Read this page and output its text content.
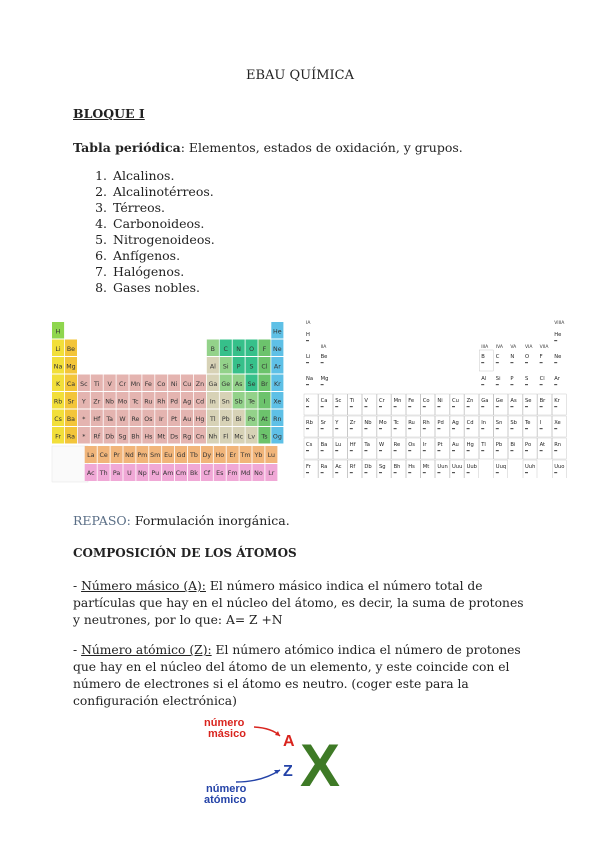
EBAU QUÍMICA
BLOQUE I
Tabla periódica: Elementos, estados de oxidación, y grupos.
1. Alcalinos.
2. Alcalinotérreos.
3. Térreos.
4. Carbonoideos.
5. Nitrogenoideos.
6. Anfígenos.
7. Halógenos.
8. Gases nobles.
H	He
Li Be	B C N O F Ne
Na Mg	Al Si P S Cl Ar
K Ca Sc Ti V Cr Mn Fe Co Ni Cu Zn Ga Ge As Se Br Kr
Rb Sr Y Zr Nb Mo Tc Ru Rh Pd Ag Cd In Sn Sb Te I Xe
Cs Ba * Hf Ta W Re Os Ir Pt Au Hg Tl Pb Bi Po At Rn
Fr Ra * Rf Db Sg Bh Hs Mt Ds Rg Cn Nh Fl Mc Lv Ts Og
La Ce Pr Nd Pm Sm Eu Gd Tb Dy Ho Er Tm Yb Lu
Ac Th Pa U Np Pu Am Cm Bk Cf Es Fm Md No Lr
IA	VIIIA
IIA	IIIA IVA VA VIA VIIA
H	He
Li Be	B C N O F Ne
Na Mg	Al Si P S Cl Ar
K Ca Sc Ti V Cr Mn Fe Co Ni Cu Zn Ga Ge As Se Br Kr
Rb Sr Y Zr Nb Mo Tc Ru Rh Pd Ag Cd In Sn Sb Te I	Xe
Cs Ba Lu Hf Ta W Re Os Ir Pt Au Hg Tl Pb Bi Po At Rn
Fr Ra Ac Rf Db Sg Bh Hs Mt Uun Uuu Uub	Uuq	Uuh	Uuo
REPASO: Formulación inorgánica.
COMPOSICIÓN DE LOS ÁTOMOS
- Número másico (A): El número másico indica el número total de partículas que hay en el núcleo del átomo, es decir, la suma de protones y neutrones, por lo que: A= Z +N
- Número atómico (Z): El número atómico indica el número de protones que hay en el núcleo del átomo de un elemento, y este coincide con el número de electrones si el átomo es neutro. (coger este para la configuración electrónica)
número
másico A X
Z
número
atómico
